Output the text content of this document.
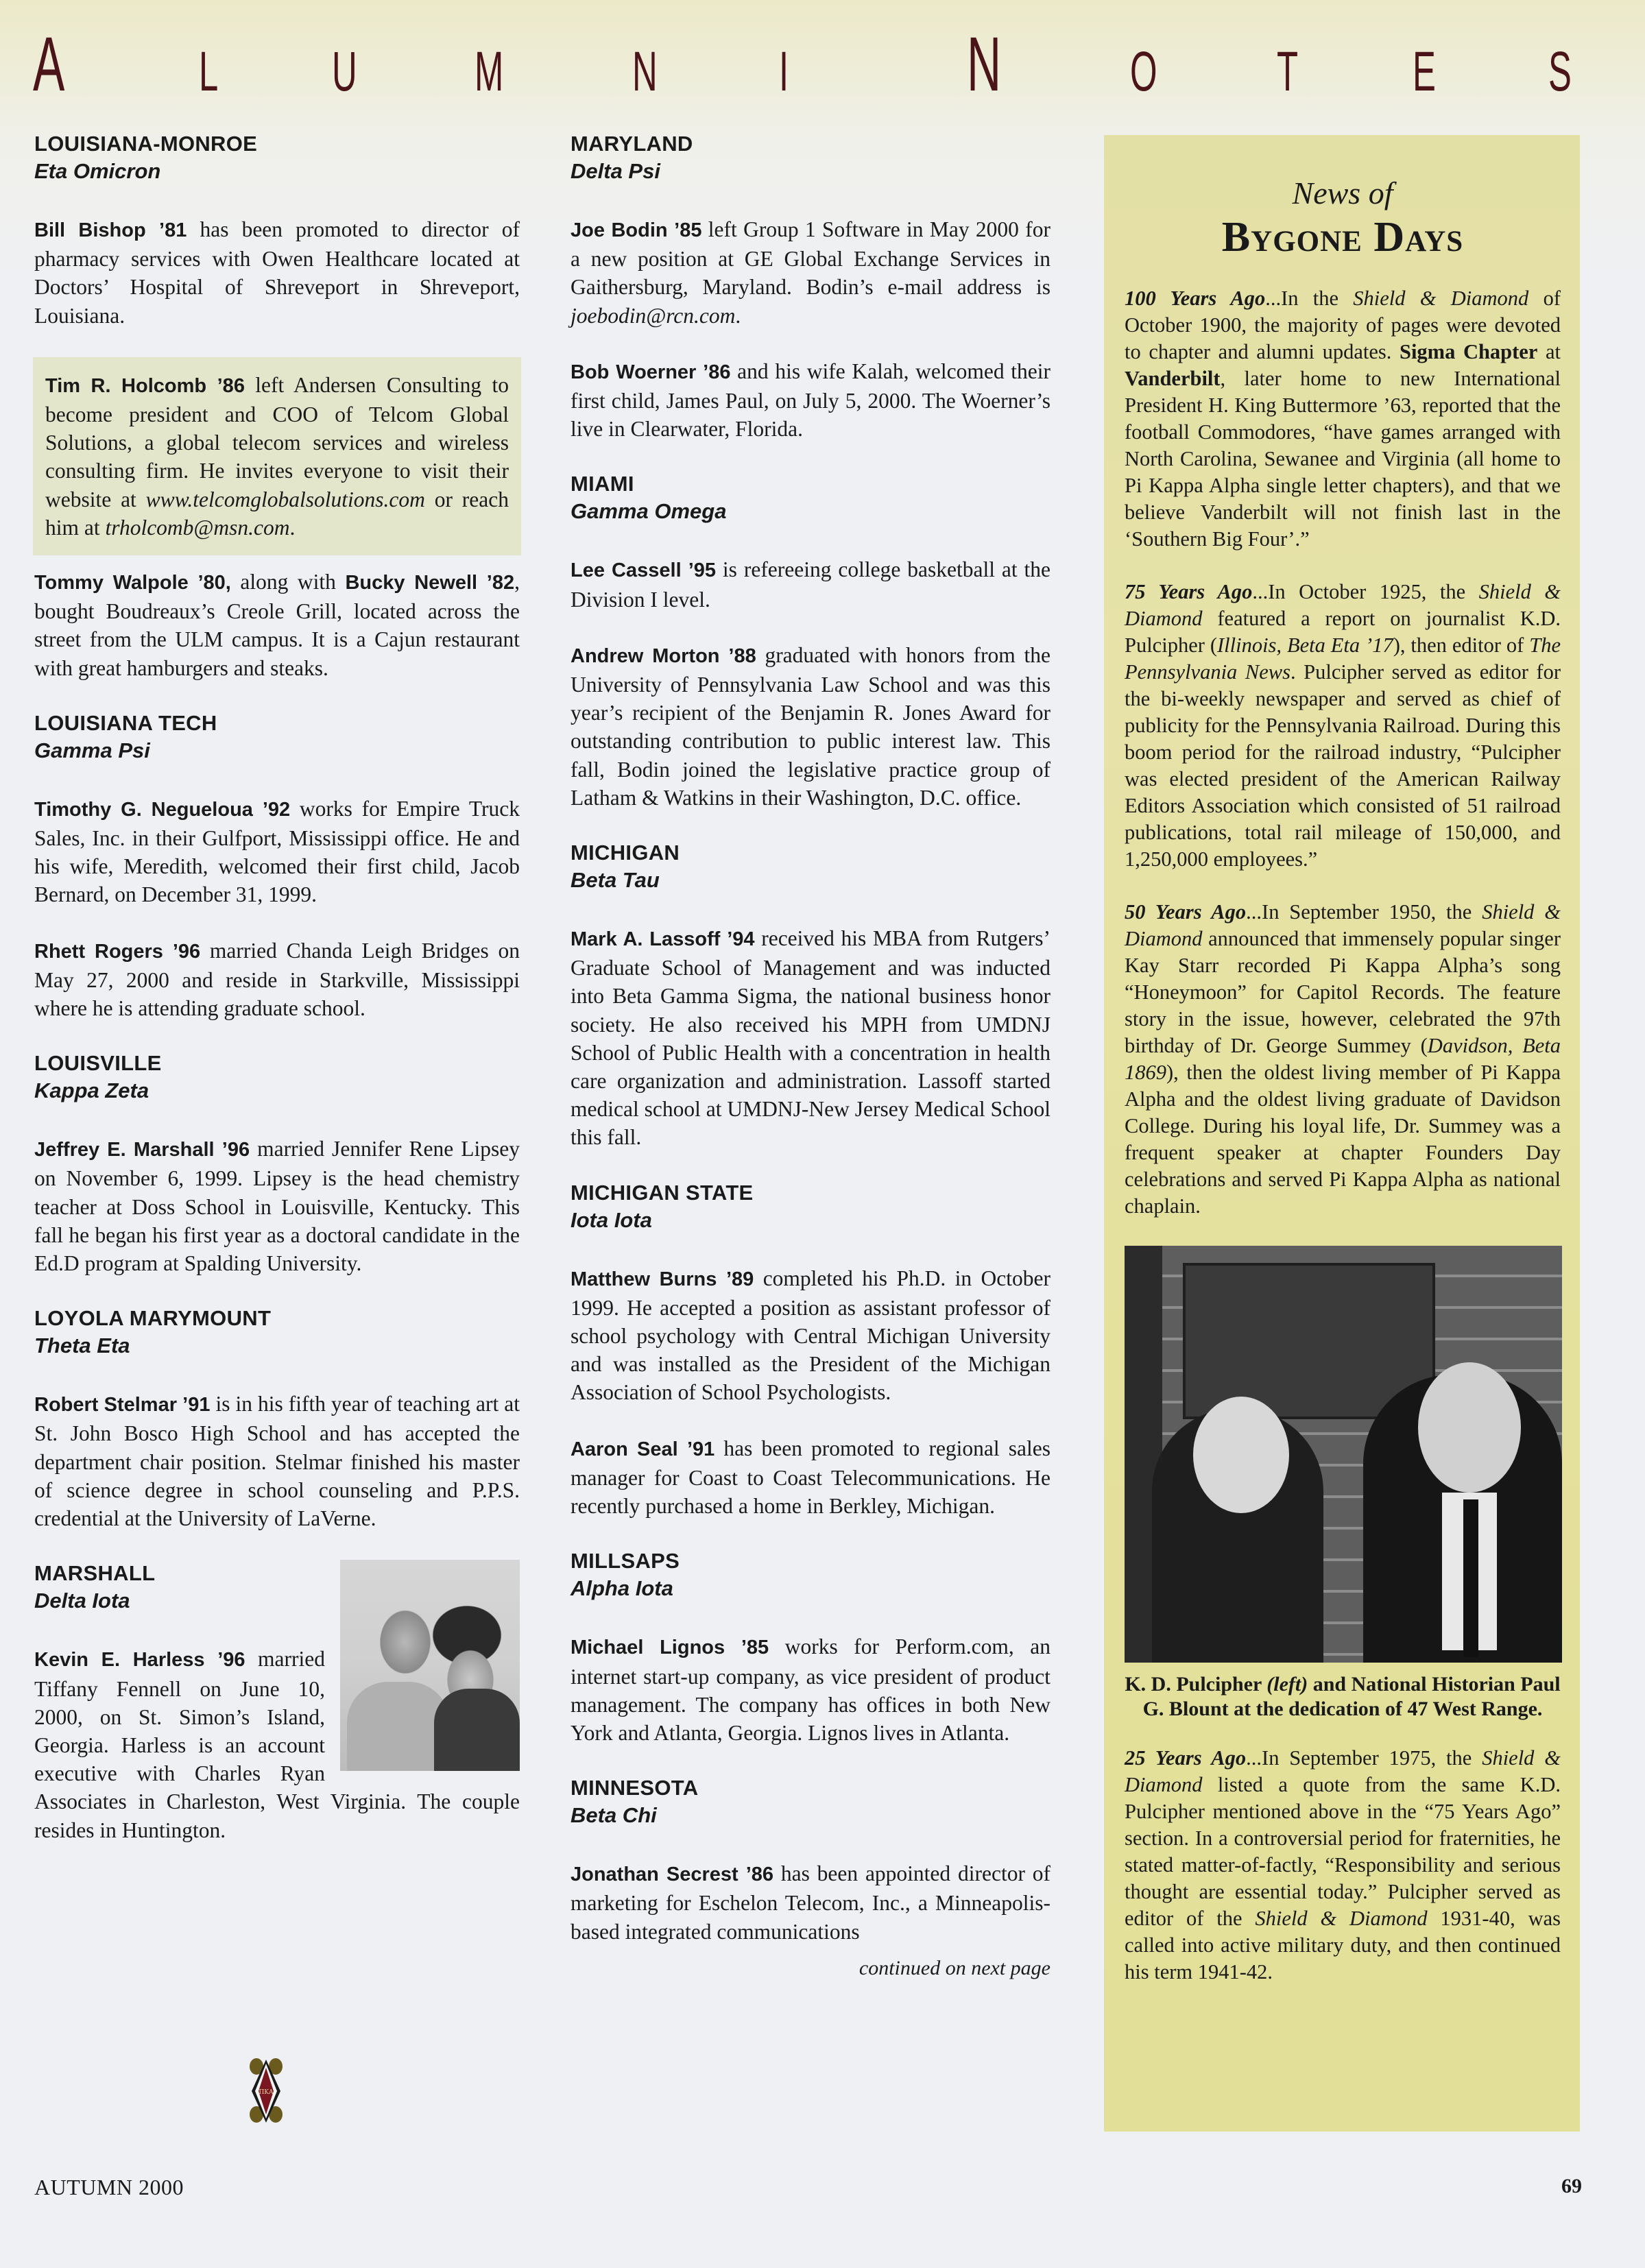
A L U M N I N O T E S

LOUISIANA-MONROE

Eta Omicron

Bill Bishop ’81 has been promoted to director of pharmacy services with Owen Healthcare located at Doctors’ Hospital of Shreveport in Shreveport, Louisiana.

Tim R. Holcomb ’86 left Andersen Consulting to become president and COO of Telcom Global Solutions, a global telecom services and wireless consulting firm. He invites everyone to visit their website at www.telcomglobalsolutions.com or reach him at trholcomb@msn.com.

Tommy Walpole ’80, along with Bucky Newell ’82, bought Boudreaux’s Creole Grill, located across the street from the ULM campus. It is a Cajun restaurant with great hamburgers and steaks.

LOUISIANA TECH

Gamma Psi

Timothy G. Negueloua ’92 works for Empire Truck Sales, Inc. in their Gulfport, Mississippi office. He and his wife, Meredith, welcomed their first child, Jacob Bernard, on December 31, 1999.

Rhett Rogers ’96 married Chanda Leigh Bridges on May 27, 2000 and reside in Starkville, Mississippi where he is attending graduate school.

LOUISVILLE

Kappa Zeta

Jeffrey E. Marshall ’96 married Jennifer Rene Lipsey on November 6, 1999. Lipsey is the head chemistry teacher at Doss School in Louisville, Kentucky. This fall he began his first year as a doctoral candidate in the Ed.D program at Spalding University.

LOYOLA MARYMOUNT

Theta Eta

Robert Stelmar ’91 is in his fifth year of teaching art at St. John Bosco High School and has accepted the department chair position. Stelmar finished his master of science degree in school counseling and P.P.S. credential at the University of LaVerne.

MARSHALL

Delta Iota

Kevin E. Harless ’96 married Tiffany Fennell on June 10, 2000, on St. Simon’s Island, Georgia. Harless is an account executive with Charles Ryan Associates in Charleston, West Virginia. The couple resides in Huntington.

MARYLAND

Delta Psi

Joe Bodin ’85 left Group 1 Software in May 2000 for a new position at GE Global Exchange Services in Gaithersburg, Maryland. Bodin’s e-mail address is joebodin@rcn.com.

Bob Woerner ’86 and his wife Kalah, welcomed their first child, James Paul, on July 5, 2000. The Woerner’s live in Clearwater, Florida.

MIAMI

Gamma Omega

Lee Cassell ’95 is refereeing college basketball at the Division I level.

Andrew Morton ’88 graduated with honors from the University of Pennsylvania Law School and was this year’s recipient of the Benjamin R. Jones Award for outstanding contribution to public interest law. This fall, Bodin joined the legislative practice group of Latham & Watkins in their Washington, D.C. office.

MICHIGAN

Beta Tau

Mark A. Lassoff ’94 received his MBA from Rutgers’ Graduate School of Management and was inducted into Beta Gamma Sigma, the national business honor society. He also received his MPH from UMDNJ School of Public Health with a concentration in health care organization and administration. Lassoff started medical school at UMDNJ-New Jersey Medical School this fall.

MICHIGAN STATE

Iota Iota

Matthew Burns ’89 completed his Ph.D. in October 1999. He accepted a position as assistant professor of school psychology with Central Michigan University and was installed as the President of the Michigan Association of School Psychologists.

Aaron Seal ’91 has been promoted to regional sales manager for Coast to Coast Telecommunications. He recently purchased a home in Berkley, Michigan.

MILLSAPS

Alpha Iota

Michael Lignos ’85 works for Perform.com, an internet start-up company, as vice president of product management. The company has offices in both New York and Atlanta, Georgia. Lignos lives in Atlanta.

MINNESOTA

Beta Chi

Jonathan Secrest ’86 has been appointed director of marketing for Eschelon Telecom, Inc., a Minneapolis-based integrated communications

continued on next page

News of

Bygone Days

100 Years Ago...In the Shield & Diamond of October 1900, the majority of pages were devoted to chapter and alumni updates. Sigma Chapter at Vanderbilt, later home to new International President H. King Buttermore ’63, reported that the football Commodores, “have games arranged with North Carolina, Sewanee and Virginia (all home to Pi Kappa Alpha single letter chapters), and that we believe Vanderbilt will not finish last in the ‘Southern Big Four’.”

75 Years Ago...In October 1925, the Shield & Diamond featured a report on journalist K.D. Pulcipher (Illinois, Beta Eta ’17), then editor of The Pennsylvania News. Pulcipher served as editor for the bi-weekly newspaper and served as chief of publicity for the Pennsylvania Railroad. During this boom period for the railroad industry, “Pulcipher was elected president of the American Railway Editors Association which consisted of 51 railroad publications, total rail mileage of 150,000, and 1,250,000 employees.”

50 Years Ago...In September 1950, the Shield & Diamond announced that immensely popular singer Kay Starr recorded Pi Kappa Alpha’s song “Honeymoon” for Capitol Records. The feature story in the issue, however, celebrated the 97th birthday of Dr. George Summey (Davidson, Beta 1869), then the oldest living member of Pi Kappa Alpha and the oldest living graduate of Davidson College. During his loyal life, Dr. Summey was a frequent speaker at chapter Founders Day celebrations and served Pi Kappa Alpha as national chaplain.

K. D. Pulcipher (left) and National Historian Paul G. Blount at the dedication of 47 West Range.

25 Years Ago...In September 1975, the Shield & Diamond listed a quote from the same K.D. Pulcipher mentioned above in the “75 Years Ago” section. In a controversial period for fraternities, he stated matter-of-factly, “Responsibility and serious thought are essential today.” Pulcipher served as editor of the Shield & Diamond 1931-40, was called into active military duty, and then continued his term 1941-42.

ΠΚΑ
AUTUMN 2000	69
